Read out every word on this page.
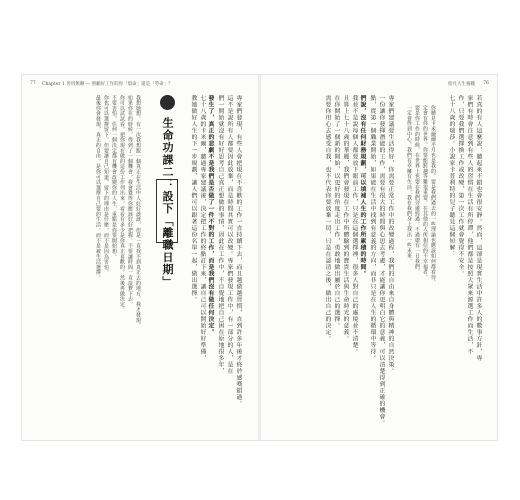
77 Chapter 1 善用無聊 — 照顧好工作的你「煩命」還是「勞命」？
專家們發現，有些人會把現在不喜歡的工作一直持續下去，而且越做越習慣，直到許多年後才終於感嘆錯過。
這不是說所有人都要因此放棄，而是時間其實可以改變。專家們發現工作中，有一部分的人，是在
們一開始就沒有好好思考自己真正想做的事情，因此在工作中，不自覺地把自己困在原地很多年，
發生了，真正的悲劇不是我們是否做了一件不對的工作，而是我們沒有做任何決定。
七十八歲的卡米爾，聽過專家建議後，決定把工作的終點訂下來，讓自己可以開始好好準備，
教她做好人生的下一步規劃，讓人們可以跟著這份名單一起，做出選擇。
生命功課二：設下「離職日期」
我想她想，有一次我想跟一個真正在生活中人好好談談，但是一直找不到真正去的地方，我才發現，
如果你在的時候，得到了一個機會，我會覺得你應該好好把握，不要讓時間一直浪費下去，
你可以試試看，把你現在做的這份工作列出來，看看有多少是你真正喜歡的，然後再做決定。
不要害怕，任何一個決定都有機會改變你的人生，重點是你要開始想。
你也可以選擇留下，但要讓自己知道，留下的理由是什麼，而不是因為害怕。
最後你會發現，真正的自由，是你可以選擇自己要的生活，而不是被生活選擇。
給凡人生養職 76
若真的有人這麼說，聽起來不錯也會很安靜。然而，這卻是現實生活中許多人的數事方針，專
家們有時會注意到有些人的習慣在生活有所停滯，他們都是按照大眾來源選工作而生活，不
作，只要我們選擇換工作或改變，第一次工作就會覺得不安全。
七十八歲的瑞莎。小說家卡普利特的兒子聽見這個短解：
你聽見卡米爾爾平月也是我的，要是我們過去的一些理論也應該如何都看待，
定會有你的世界，你要能跨越等難很重要。在其他的人所相信的不幸福者。
要是你工作的時候，在世界上也要在我們旁邊經過。不過總有一日我們，
一定會得到中心，我們有幸擁有生活，我在我們身上找出一些未來。
專家們建議要生活得好，你需要正常工作中的改變過程，我們的自由來自身體與精神的自然決策。
一份讓你發揮潛能的工作，需要有很大的時間與心思去考慮，才能讓你更明白它的意義，可以清楚得到正確的機會。
點，從第一個職業開始，如果能在生活中找到有意義的方向，而非只是在人生的循環中等待。
們說，沒有任何財務規劃，可以填補人生的工作所累積的時間。
我並不是說每個人都要放下眼前工作，只是在這個選擇裡，很多人對自己的處境並不清楚。
且算上七十八歲的華麗，我們會發現在工作中所體驗到的寶貴生活與生命時光的意義。
在你開始了一個新的開始，以更好的角度走出工作，勇敢地做出屬於自己的選擇。
需要你用心去感受自我，也不代表你要放棄一切，只是在認清之後，做出自己的決定。
